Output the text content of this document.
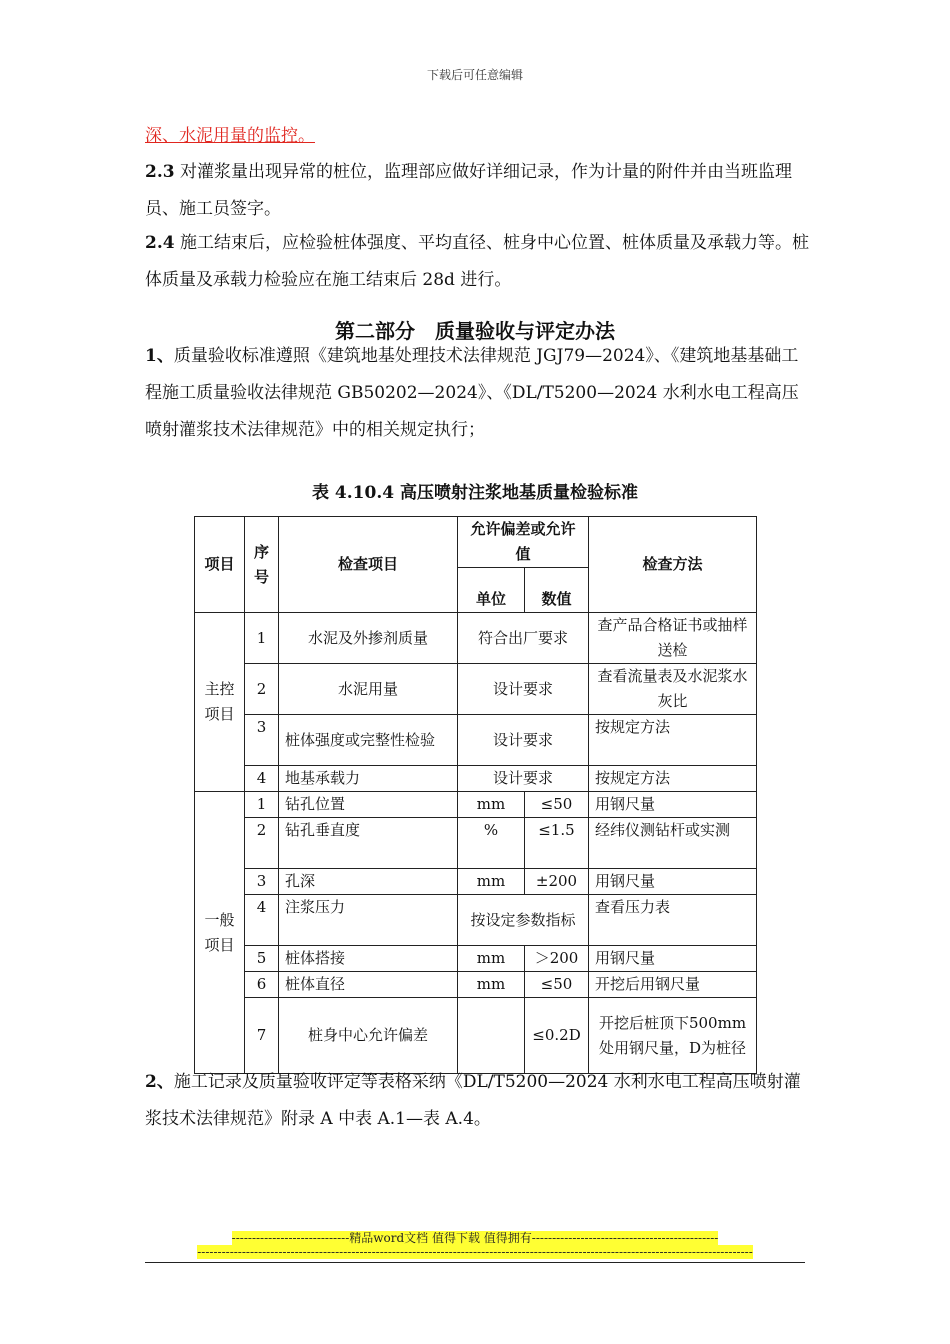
下载后可任意编辑

深、水泥用量的监控。

2.3 对灌浆量出现异常的桩位，监理部应做好详细记录，作为计量的附件并由当班监理员、施工员签字。

2.4 施工结束后，应检验桩体强度、平均直径、桩身中心位置、桩体质量及承载力等。桩体质量及承载力检验应在施工结束后 28d 进行。

第二部分　质量验收与评定办法

1、质量验收标准遵照《建筑地基处理技术法律规范 JGJ79—2024》、《建筑地基基础工程施工质量验收法律规范 GB50202—2024》、《DL/T5200—2024 水利水电工程高压喷射灌浆技术法律规范》中的相关规定执行；

表 4.10.4 高压喷射注浆地基质量检验标准
项目	序号	检查项目	允许偏差或允许值		检查方法
			单位	数值	
主控项目	1	水泥及外掺剂质量	符合出厂要求		查产品合格证书或抽样送检
	2	水泥用量	设计要求		查看流量表及水泥浆水灰比
	3	桩体强度或完整性检验	设计要求		按规定方法
	4	地基承载力	设计要求		按规定方法
一般项目	1	钻孔位置	mm	≤50	用钢尺量
	2	钻孔垂直度	%	≤1.5	经纬仪测钻杆或实测
	3	孔深	mm	±200	用钢尺量
	4	注浆压力	按设定参数指标		查看压力表
	5	桩体搭接	mm	＞200	用钢尺量
	6	桩体直径	mm	≤50	开挖后用钢尺量
	7	桩身中心允许偏差		≤0.2D	开挖后桩顶下500mm处用钢尺量，D为桩径

2、施工记录及质量验收评定等表格采纳《DL/T5200—2024 水利水电工程高压喷射灌浆技术法律规范》附录 A 中表 A.1—表 A.4。

-----------------------------精品word文档 值得下载 值得拥有----------------------------------------------
-----------------------------------------------------------------------------------------------------------------------------------------
